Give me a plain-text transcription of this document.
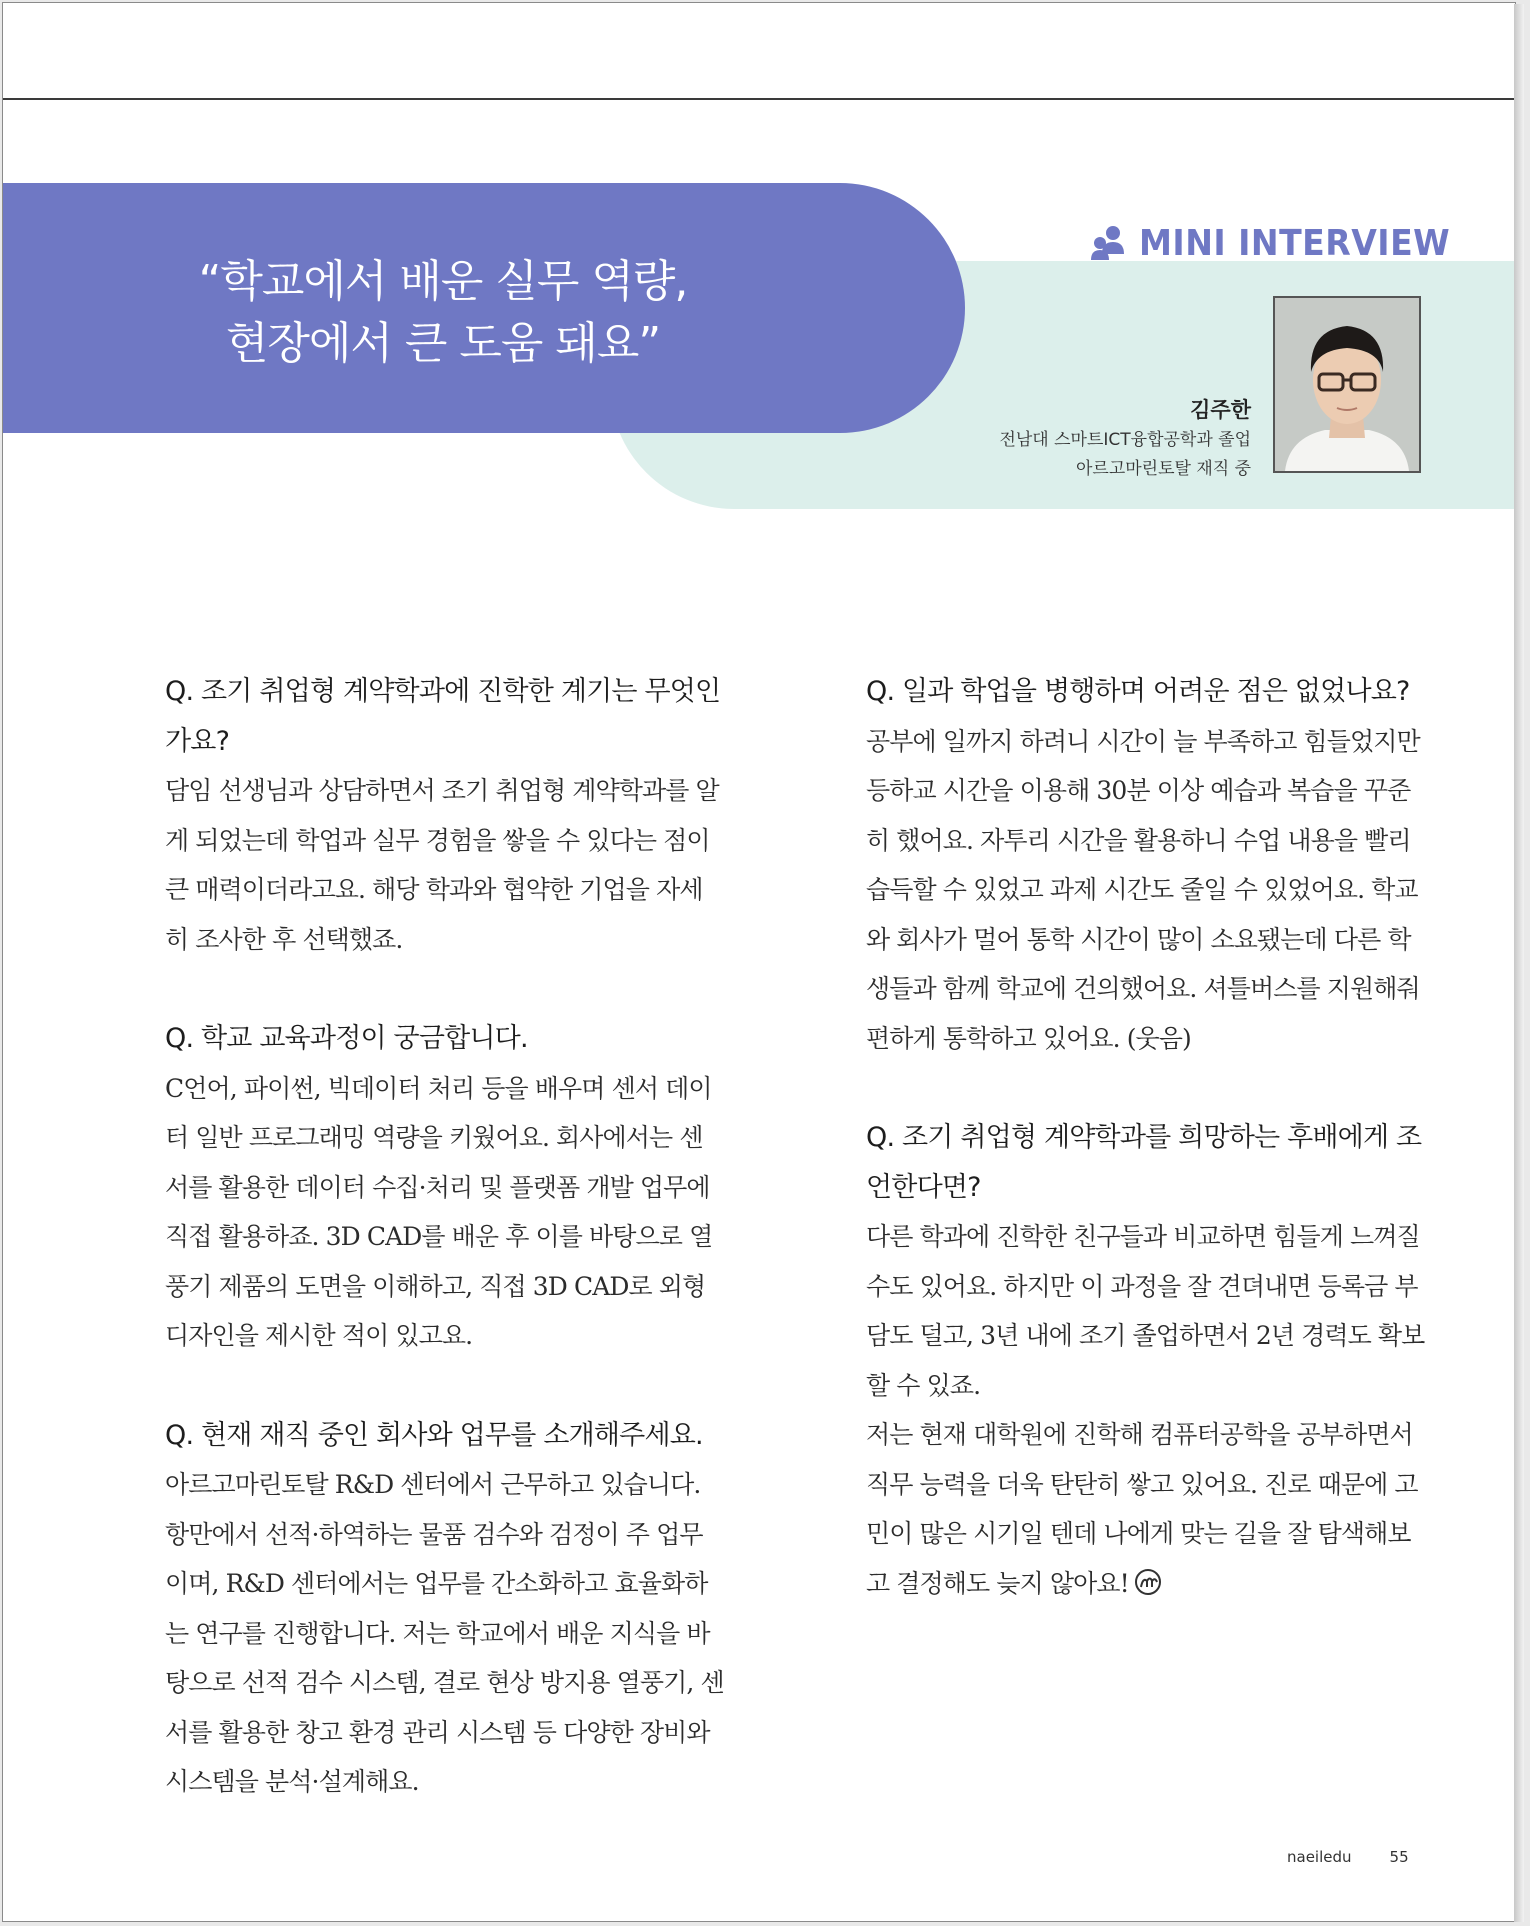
“학교에서 배운 실무 역량,
현장에서 큰 도움 돼요”
MINI INTERVIEW
김주한
전남대 스마트ICT융합공학과 졸업
아르고마린토탈 재직 중

Q. 조기 취업형 계약학과에 진학한 계기는 무엇인가요?

담임 선생님과 상담하면서 조기 취업형 계약학과를 알게 되었는데 학업과 실무 경험을 쌓을 수 있다는 점이 큰 매력이더라고요. 해당 학과와 협약한 기업을 자세히 조사한 후 선택했죠.

Q. 학교 교육과정이 궁금합니다.

C언어, 파이썬, 빅데이터 처리 등을 배우며 센서 데이터 일반 프로그래밍 역량을 키웠어요. 회사에서는 센서를 활용한 데이터 수집·처리 및 플랫폼 개발 업무에 직접 활용하죠. 3D CAD를 배운 후 이를 바탕으로 열풍기 제품의 도면을 이해하고, 직접 3D CAD로 외형 디자인을 제시한 적이 있고요.

Q. 현재 재직 중인 회사와 업무를 소개해주세요.

아르고마린토탈 R&D 센터에서 근무하고 있습니다. 항만에서 선적·하역하는 물품 검수와 검정이 주 업무이며, R&D 센터에서는 업무를 간소화하고 효율화하는 연구를 진행합니다. 저는 학교에서 배운 지식을 바탕으로 선적 검수 시스템, 결로 현상 방지용 열풍기, 센서를 활용한 창고 환경 관리 시스템 등 다양한 장비와 시스템을 분석·설계해요.

Q. 일과 학업을 병행하며 어려운 점은 없었나요?

공부에 일까지 하려니 시간이 늘 부족하고 힘들었지만 등하교 시간을 이용해 30분 이상 예습과 복습을 꾸준히 했어요. 자투리 시간을 활용하니 수업 내용을 빨리 습득할 수 있었고 과제 시간도 줄일 수 있었어요. 학교와 회사가 멀어 통학 시간이 많이 소요됐는데 다른 학생들과 함께 학교에 건의했어요. 셔틀버스를 지원해줘 편하게 통학하고 있어요. (웃음)

Q. 조기 취업형 계약학과를 희망하는 후배에게 조언한다면?

다른 학과에 진학한 친구들과 비교하면 힘들게 느껴질 수도 있어요. 하지만 이 과정을 잘 견뎌내면 등록금 부담도 덜고, 3년 내에 조기 졸업하면서 2년 경력도 확보할 수 있죠.

저는 현재 대학원에 진학해 컴퓨터공학을 공부하면서 직무 능력을 더욱 탄탄히 쌓고 있어요. 진로 때문에 고민이 많은 시기일 텐데 나에게 맞는 길을 잘 탐색해보고 결정해도 늦지 않아요!

naeiledu	55
